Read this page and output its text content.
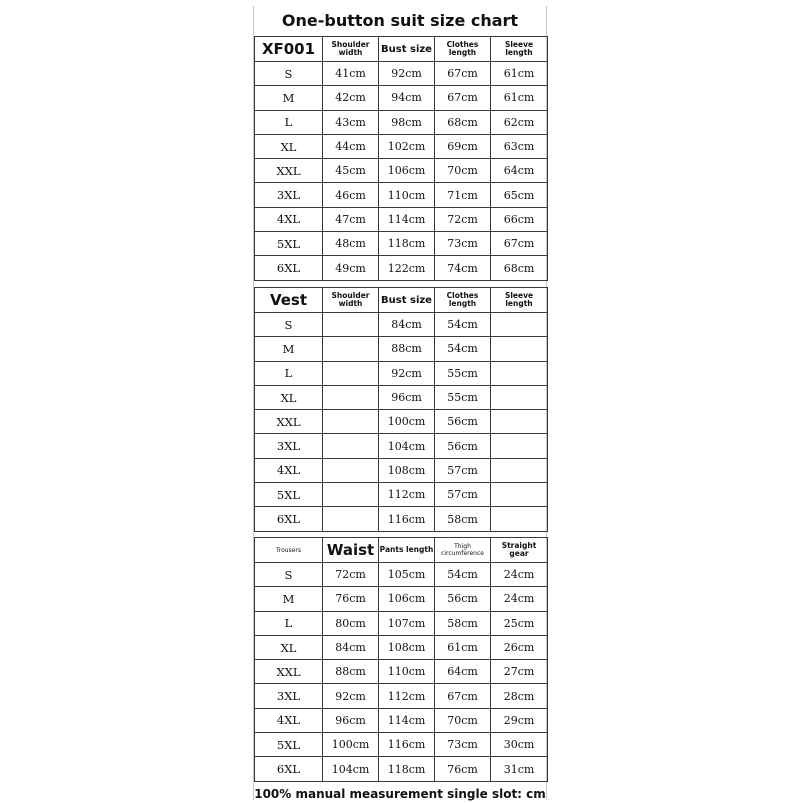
One-button suit size chart
XF001	Shoulder width	Bust size	Clothes length	Sleeve length
S	41cm	92cm	67cm	61cm
M	42cm	94cm	67cm	61cm
L	43cm	98cm	68cm	62cm
XL	44cm	102cm	69cm	63cm
XXL	45cm	106cm	70cm	64cm
3XL	46cm	110cm	71cm	65cm
4XL	47cm	114cm	72cm	66cm
5XL	48cm	118cm	73cm	67cm
6XL	49cm	122cm	74cm	68cm
Vest	Shoulder width	Bust size	Clothes length	Sleeve length
S		84cm	54cm	
M		88cm	54cm	
L		92cm	55cm	
XL		96cm	55cm	
XXL		100cm	56cm	
3XL		104cm	56cm	
4XL		108cm	57cm	
5XL		112cm	57cm	
6XL		116cm	58cm	
Trousers	Waist	Pants length	Thigh circumference	Straight gear
S	72cm	105cm	54cm	24cm
M	76cm	106cm	56cm	24cm
L	80cm	107cm	58cm	25cm
XL	84cm	108cm	61cm	26cm
XXL	88cm	110cm	64cm	27cm
3XL	92cm	112cm	67cm	28cm
4XL	96cm	114cm	70cm	29cm
5XL	100cm	116cm	73cm	30cm
6XL	104cm	118cm	76cm	31cm
100% manual measurement single slot: cm
